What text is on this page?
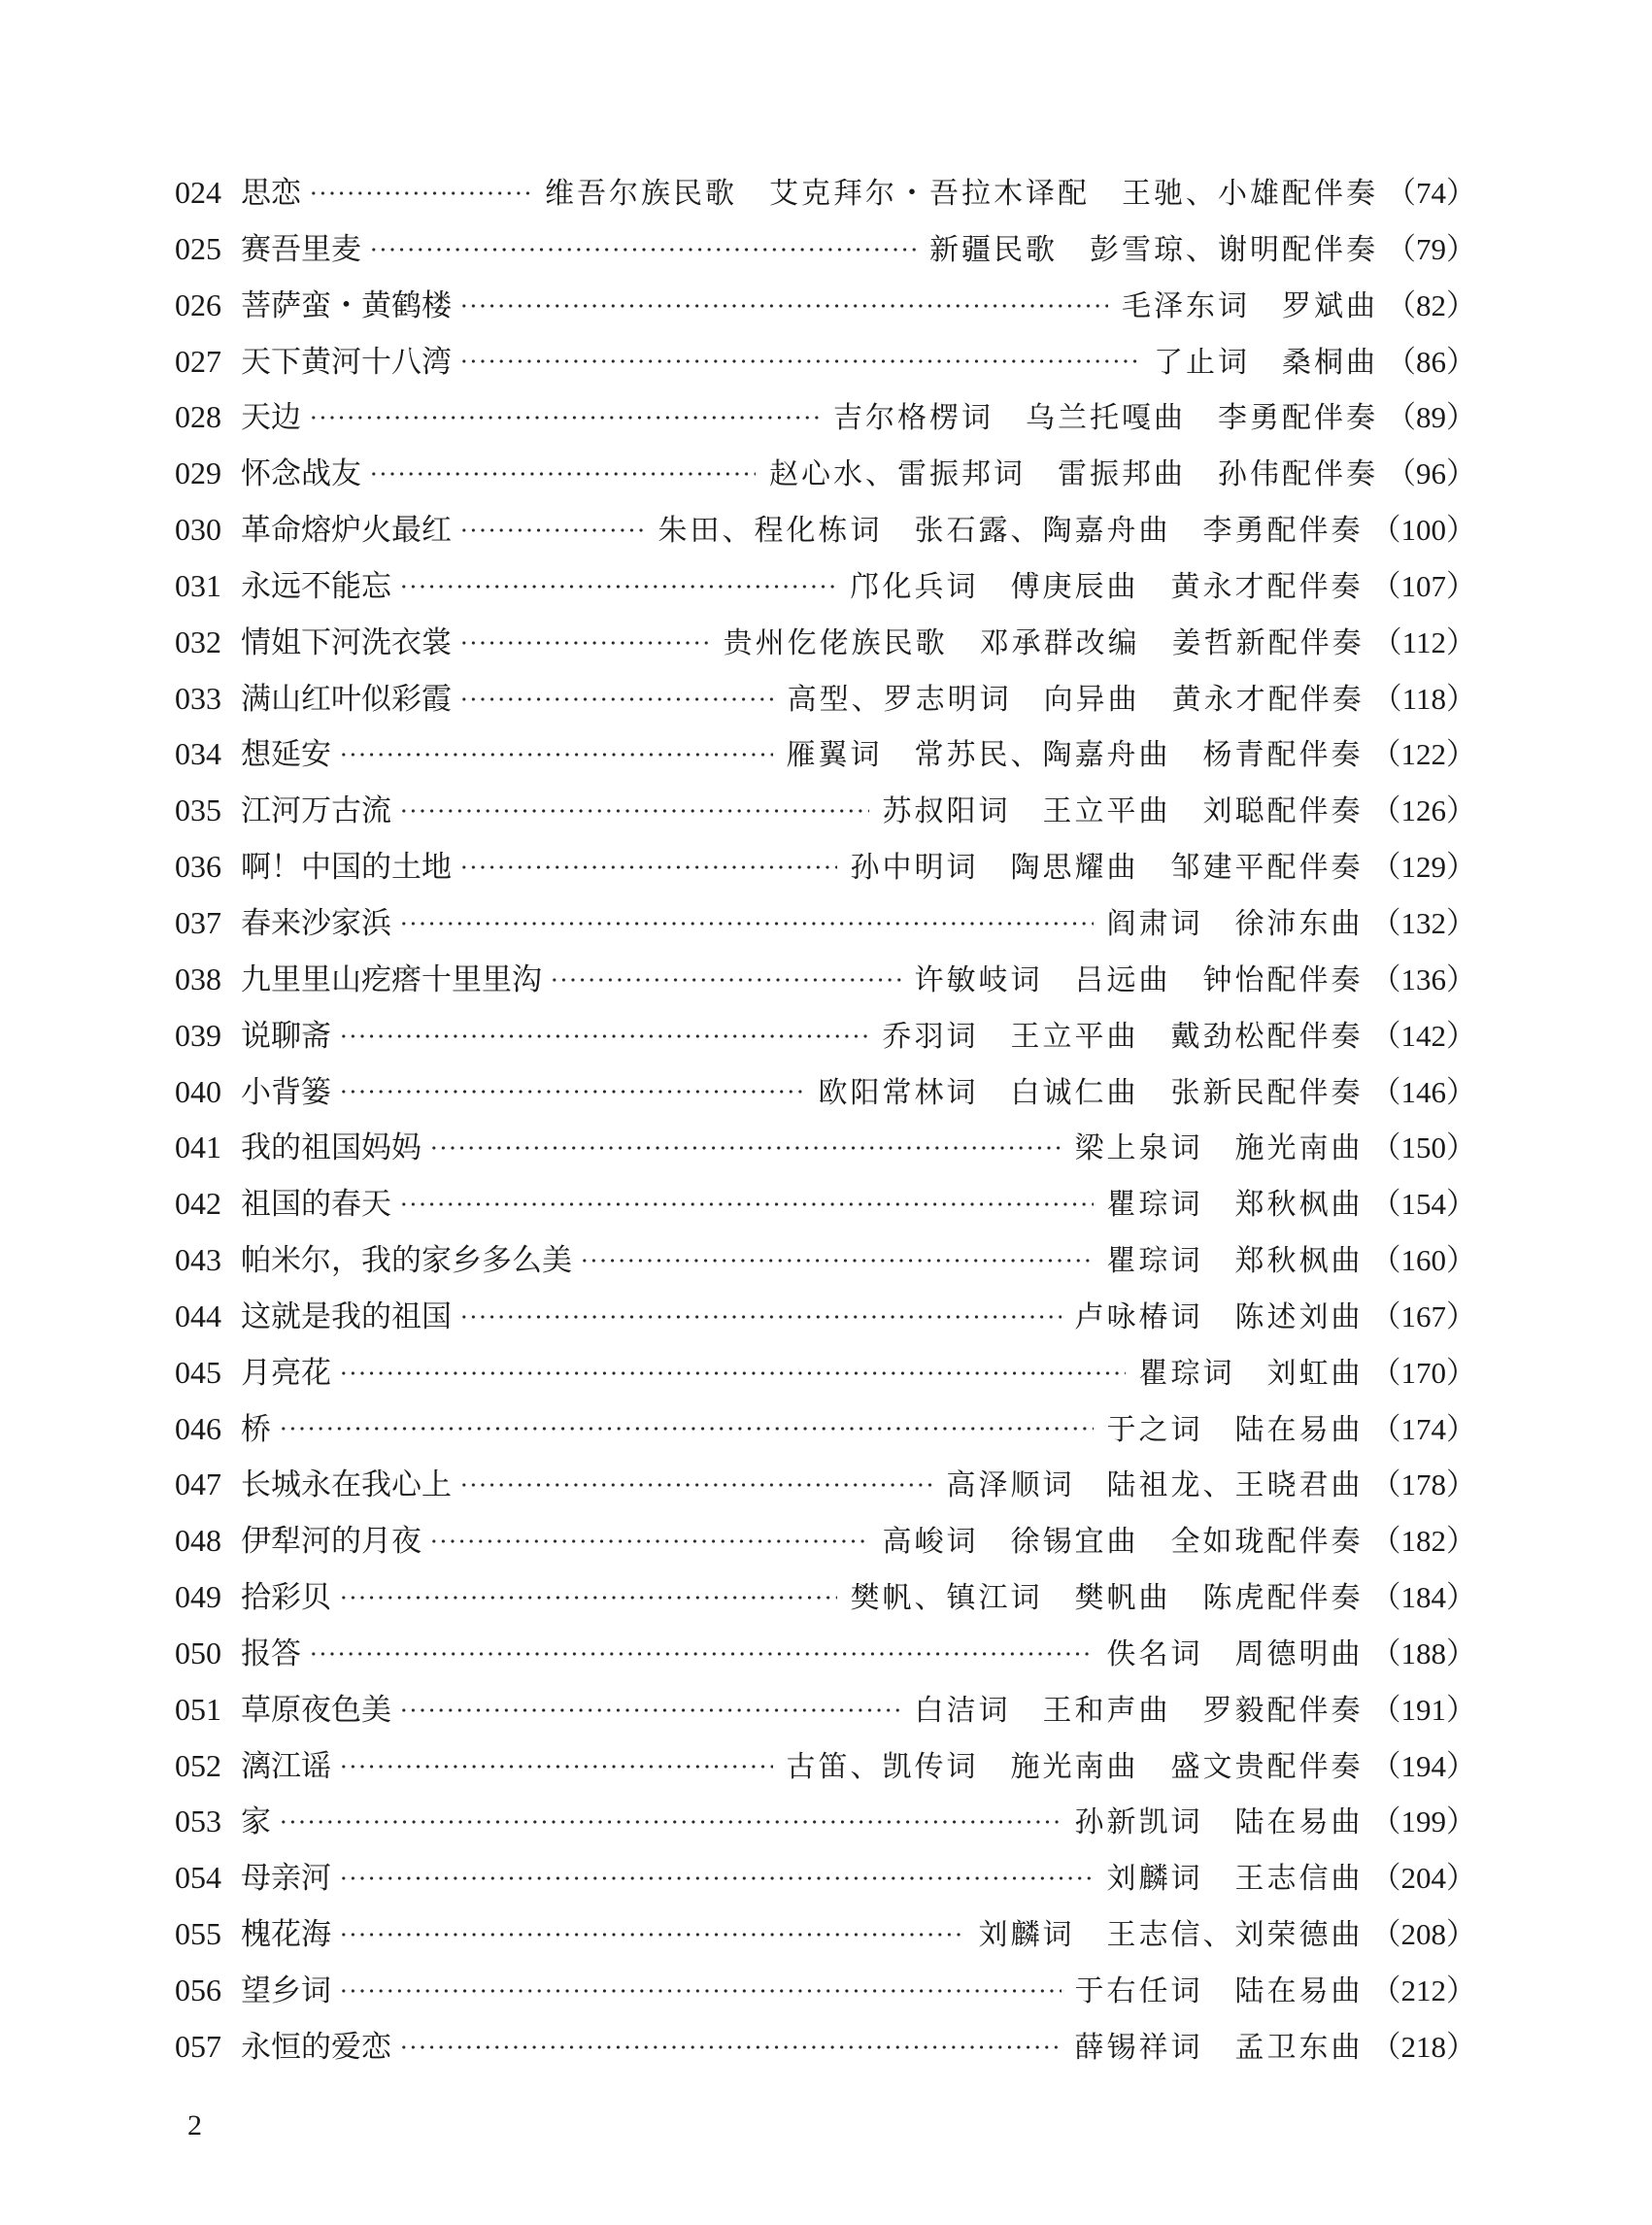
024 思恋	维吾尔族民歌　艾克拜尔・吾拉木译配　王驰、小雄配伴奏 （74）
025 赛吾里麦	新疆民歌　彭雪琼、谢明配伴奏 （79）
026 菩萨蛮・黄鹤楼	毛泽东词　罗斌曲 （82）
027 天下黄河十八湾	了止词　桑桐曲 （86）
028 天边	吉尔格楞词　乌兰托嘎曲　李勇配伴奏 （89）
029 怀念战友	赵心水、雷振邦词　雷振邦曲　孙伟配伴奏 （96）
030 革命熔炉火最红	朱田、程化栋词　张石露、陶嘉舟曲　李勇配伴奏 （100）
031 永远不能忘	邝化兵词　傅庚辰曲　黄永才配伴奏 （107）
032 情姐下河洗衣裳	贵州仡佬族民歌　邓承群改编　姜哲新配伴奏 （112）
033 满山红叶似彩霞	高型、罗志明词　向异曲　黄永才配伴奏 （118）
034 想延安	雁翼词　常苏民、陶嘉舟曲　杨青配伴奏 （122）
035 江河万古流	苏叔阳词　王立平曲　刘聪配伴奏 （126）
036 啊！中国的土地	孙中明词　陶思耀曲　邹建平配伴奏 （129）
037 春来沙家浜	阎肃词　徐沛东曲 （132）
038 九里里山疙瘩十里里沟	许敏岐词　吕远曲　钟怡配伴奏 （136）
039 说聊斋	乔羽词　王立平曲　戴劲松配伴奏 （142）
040 小背篓	欧阳常林词　白诚仁曲　张新民配伴奏 （146）
041 我的祖国妈妈	梁上泉词　施光南曲 （150）
042 祖国的春天	瞿琮词　郑秋枫曲 （154）
043 帕米尔，我的家乡多么美	瞿琮词　郑秋枫曲 （160）
044 这就是我的祖国	卢咏椿词　陈述刘曲 （167）
045 月亮花	瞿琮词　刘虹曲 （170）
046 桥	于之词　陆在易曲 （174）
047 长城永在我心上	高泽顺词　陆祖龙、王晓君曲 （178）
048 伊犁河的月夜	高峻词　徐锡宜曲　全如珑配伴奏 （182）
049 拾彩贝	樊帆、镇江词　樊帆曲　陈虎配伴奏 （184）
050 报答	佚名词　周德明曲 （188）
051 草原夜色美	白洁词　王和声曲　罗毅配伴奏 （191）
052 漓江谣	古笛、凯传词　施光南曲　盛文贵配伴奏 （194）
053 家	孙新凯词　陆在易曲 （199）
054 母亲河	刘麟词　王志信曲 （204）
055 槐花海	刘麟词　王志信、刘荣德曲 （208）
056 望乡词	于右任词　陆在易曲 （212）
057 永恒的爱恋	薛锡祥词　孟卫东曲 （218）
2
